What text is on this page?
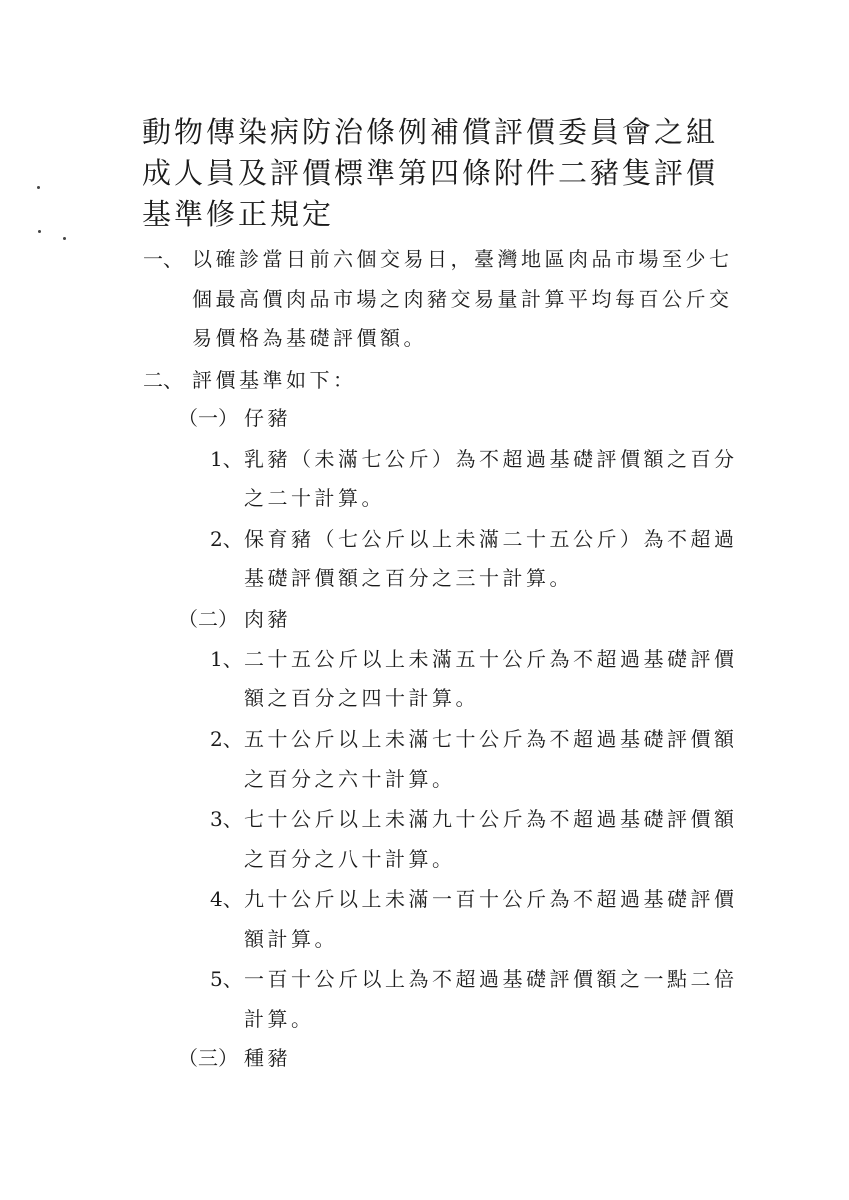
動物傳染病防治條例補償評價委員會之組成人員及評價標準第四條附件二豬隻評價基準修正規定
一、 以確診當日前六個交易日，臺灣地區肉品市場至少七
個最高價肉品市場之肉豬交易量計算平均每百公斤交
易價格為基礎評價額。
二、 評價基準如下：
（一） 仔豬
1、 乳豬（未滿七公斤）為不超過基礎評價額之百分
之二十計算。
2、 保育豬（七公斤以上未滿二十五公斤）為不超過
基礎評價額之百分之三十計算。
（二） 肉豬
1、 二十五公斤以上未滿五十公斤為不超過基礎評價
額之百分之四十計算。
2、 五十公斤以上未滿七十公斤為不超過基礎評價額
之百分之六十計算。
3、 七十公斤以上未滿九十公斤為不超過基礎評價額
之百分之八十計算。
4、 九十公斤以上未滿一百十公斤為不超過基礎評價
額計算。
5、 一百十公斤以上為不超過基礎評價額之一點二倍
計算。
（三） 種豬
